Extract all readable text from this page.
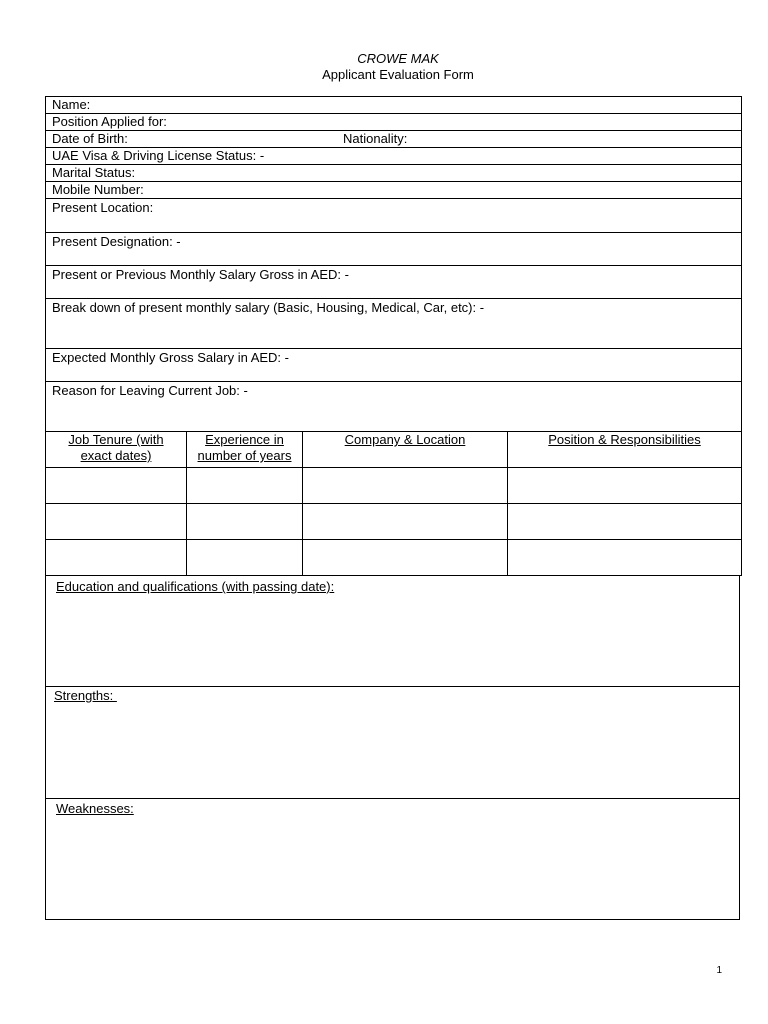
CROWE MAK
Applicant Evaluation Form
Name:
Position Applied for:
Date of Birth:	Nationality:
UAE Visa & Driving License Status: -
Marital Status:
Mobile Number:
Present Location:
Present Designation: -
Present or Previous Monthly Salary Gross in AED: -
Break down of present monthly salary (Basic, Housing, Medical, Car, etc): -
Expected Monthly Gross Salary in AED: -
Reason for Leaving Current Job: -
Job Tenure (with exact dates)
Experience in number of years
Company & Location	Position & Responsibilities
Education and qualifications (with passing date):
Strengths:
Weaknesses:
1
